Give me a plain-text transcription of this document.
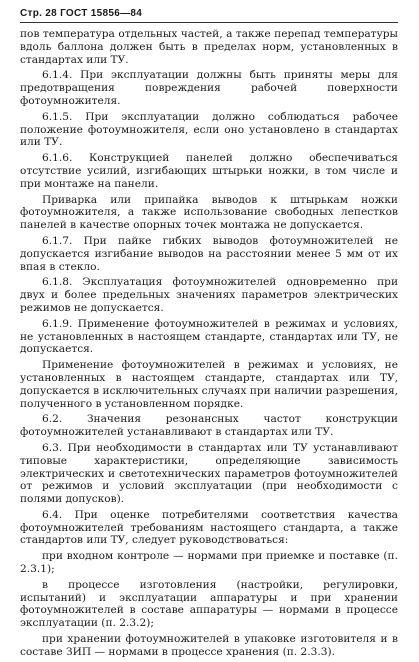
Стр. 28 ГОСТ 15856—84

пов температура отдельных частей, а также перепад температуры вдоль баллона должен быть в пределах норм, установленных в стандартах или ТУ.

6.1.4. При эксплуатации должны быть приняты меры для предотвращения повреждения рабочей поверхности фотоумножителя.

6.1.5. При эксплуатации должно соблюдаться рабочее положение фотоумножителя, если оно установлено в стандартах или ТУ.

6.1.6. Конструкцией панелей должно обеспечиваться отсутствие усилий, изгибающих штырьки ножки, в том числе и при монтаже на панели.

Приварка или припайка выводов к штырькам ножки фотоумножителя, а также использование свободных лепестков панелей в качестве опорных точек монтажа не допускается.

6.1.7. При пайке гибких выводов фотоумножителей не допускается изгибание выводов на расстоянии менее 5 мм от их впая в стекло.

6.1.8. Эксплуатация фотоумножителей одновременно при двух и более предельных значениях параметров электрических режимов не допускается.

6.1.9. Применение фотоумножителей в режимах и условиях, не установленных в настоящем стандарте, стандартах или ТУ, не допускается.

Применение фотоумножителей в режимах и условиях, не установленных в настоящем стандарте, стандартах или ТУ, допускается в исключительных случаях при наличии разрешения, полученного в установленном порядке.

6.2. Значения резонансных частот конструкции фотоумножителей устанавливают в стандартах или ТУ.

6.3. При необходимости в стандартах или ТУ устанавливают типовые характеристики, определяющие зависимость электрических и светотехнических параметров фотоумножителей от режимов и условий эксплуатации (при необходимости с полями допусков).

6.4. При оценке потребителями соответствия качества фотоумножителей требованиям настоящего стандарта, а также стандартов или ТУ, следует руководствоваться:

при входном контроле — нормами при приемке и поставке (п. 2.3.1);

в процессе изготовления (настройки, регулировки, испытаний) и эксплуатации аппаратуры и при хранении фотоумножителей в составе аппаратуры — нормами в процессе эксплуатации (п. 2.3.2);

при хранении фотоумножителей в упаковке изготовителя и в составе ЗИП — нормами в процессе хранения (п. 2.3.3).
